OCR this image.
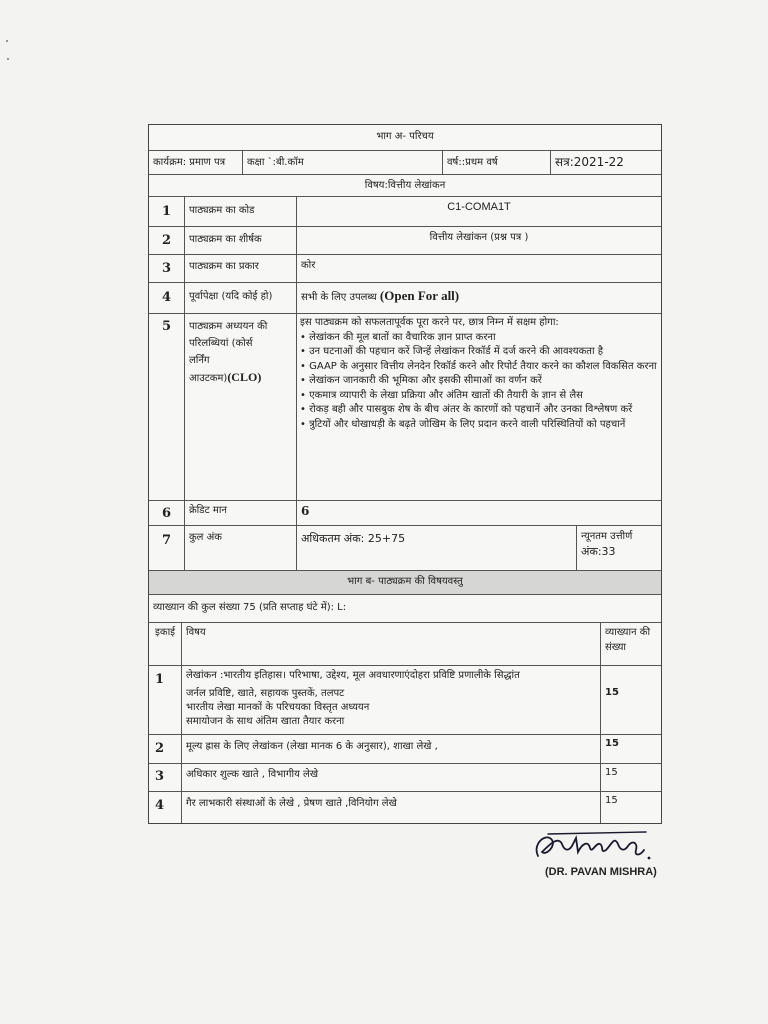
भाग अ- परिचय
कार्यक्रम: प्रमाण पत्र	कक्षा `:बी.कॉम	वर्ष::प्रथम वर्ष	सत्र:2021-22
विषय:वित्तीय लेखांकन
1	पाठ्यक्रम का कोड	C1-COMA1T
2	पाठ्यक्रम का शीर्षक	वित्तीय लेखांकन (प्रश्न पत्र )
3	पाठ्यक्रम का प्रकार	कोर
4	पूर्वापेक्षा (यदि कोई हो)	सभी के लिए उपलब्ध (Open For all)
5	पाठ्यक्रम अध्ययन की
परिलब्धियां (कोर्स
लर्निंग
आउटकम)(CLO)
इस पाठ्यक्रम को सफलतापूर्वक पूरा करने पर, छात्र निम्न में सक्षम होगा:
• लेखांकन की मूल बातों का वैचारिक ज्ञान प्राप्त करना
• उन घटनाओं की पहचान करें जिन्हें लेखांकन रिकॉर्ड में दर्ज करने की आवश्यकता है
• GAAP के अनुसार वित्तीय लेनदेन रिकॉर्ड करने और रिपोर्ट तैयार करने का कौशल विकसित करना
• लेखांकन जानकारी की भूमिका और इसकी सीमाओं का वर्णन करें
• एकमात्र व्यापारी के लेखा प्रक्रिया और अंतिम खातों की तैयारी के ज्ञान से लैस
• रोकड़ बही और पासबुक शेष के बीच अंतर के कारणों को पहचानें और उनका विश्लेषण करें
• त्रुटियों और धोखाधड़ी के बढ़ते जोखिम के लिए प्रदान करने वाली परिस्थितियों को पहचानें
6	क्रेडिट मान	6
7	कुल अंक	अधिकतम अंक: 25+75	न्यूनतम उत्तीर्ण
अंक:33
भाग ब- पाठ्यक्रम की विषयवस्तु
व्याख्यान की कुल संख्या 75 (प्रति सप्ताह घंटे में): L:
इकाई	विषय	व्याख्यान की संख्या
1	लेखांकन :भारतीय इतिहास। परिभाषा, उद्देश्य, मूल अवधारणाएंदोहरा प्रविष्टि प्रणालीके सिद्धांत
जर्नल प्रविष्टि, खाते, सहायक पुस्तकें, तलपट
भारतीय लेखा मानकों के परिचयका विस्तृत अध्ययन
समायोजन के साथ अंतिम खाता तैयार करना
15
2	मूल्य ह्रास के लिए लेखांकन (लेखा मानक 6 के अनुसार), शाखा लेखे ,	15
3	अधिकार शुल्क खाते , विभागीय लेखे	15
4	गैर लाभकारी संस्थाओं के लेखे , प्रेषण खाते ,विनियोग लेखे	15
(DR. PAVAN MISHRA)
